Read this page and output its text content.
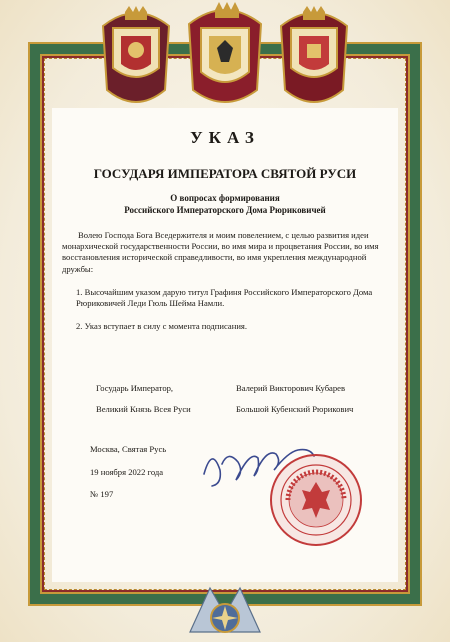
УКАЗ
ГОСУДАРЯ ИМПЕРАТОРА СВЯТОЙ РУСИ
О вопросах формирования
Российского Императорского Дома Рюриковичей
Волею Господа Бога Вседержителя и моим повелением, с целью развития идеи монархической государственности России, во имя мира и процветания России, во имя восстановления исторической справедливости, во имя укрепления международной дружбы:
1. Высочайшим указом дарую титул Графиня Российского Императорского Дома Рюриковичей Леди Гюль Шейма Намли.
2. Указ вступает в силу с момента подписания.
Государь Император,
Великий Князь Всея Руси
Валерий Викторович Кубарев
Большой Кубенский Рюрикович
Москва, Святая Русь
19 ноября 2022 года
№ 197
